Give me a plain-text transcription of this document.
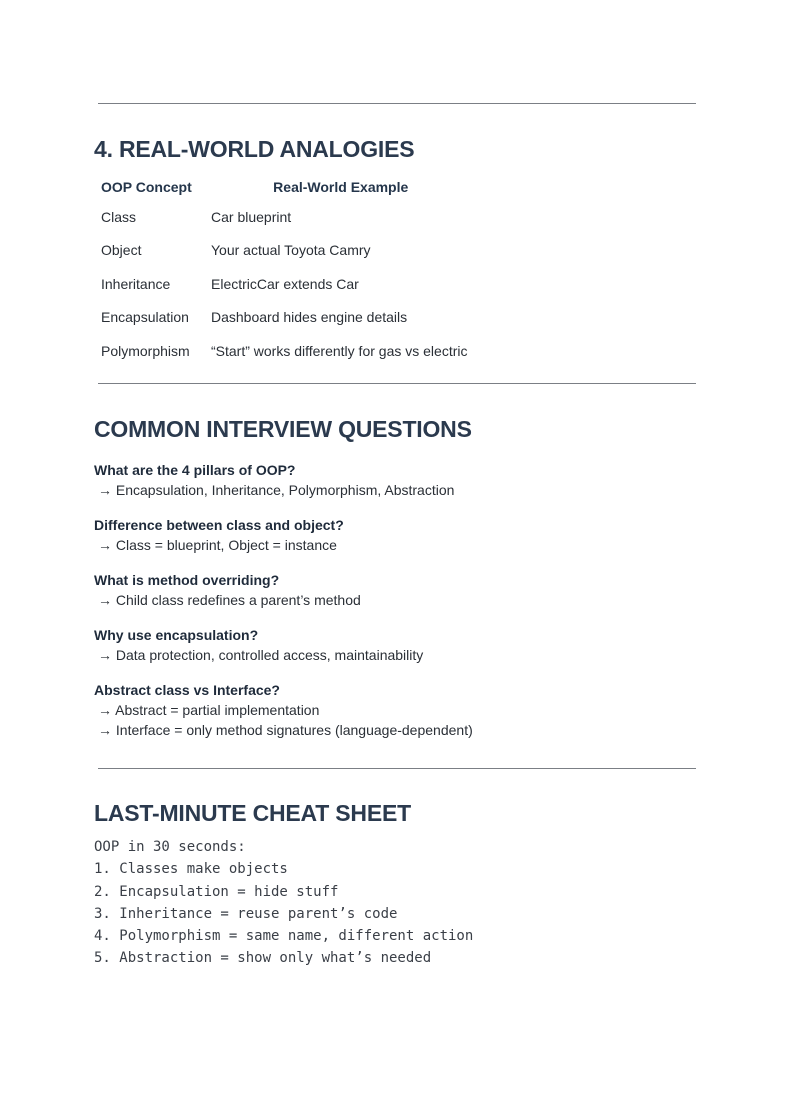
4. REAL-WORLD ANALOGIES
OOP Concept	Real-World Example
Class	Car blueprint
Object	Your actual Toyota Camry
Inheritance	ElectricCar extends Car
Encapsulation	Dashboard hides engine details
Polymorphism	“Start” works differently for gas vs electric
COMMON INTERVIEW QUESTIONS
What are the 4 pillars of OOP?
→ Encapsulation, Inheritance, Polymorphism, Abstraction
Difference between class and object?
→ Class = blueprint, Object = instance
What is method overriding?
→ Child class redefines a parent’s method
Why use encapsulation?
→ Data protection, controlled access, maintainability
Abstract class vs Interface?
→ Abstract = partial implementation
→ Interface = only method signatures (language-dependent)
LAST-MINUTE CHEAT SHEET
OOP in 30 seconds:
1. Classes make objects
2. Encapsulation = hide stuff
3. Inheritance = reuse parent’s code
4. Polymorphism = same name, different action
5. Abstraction = show only what’s needed
